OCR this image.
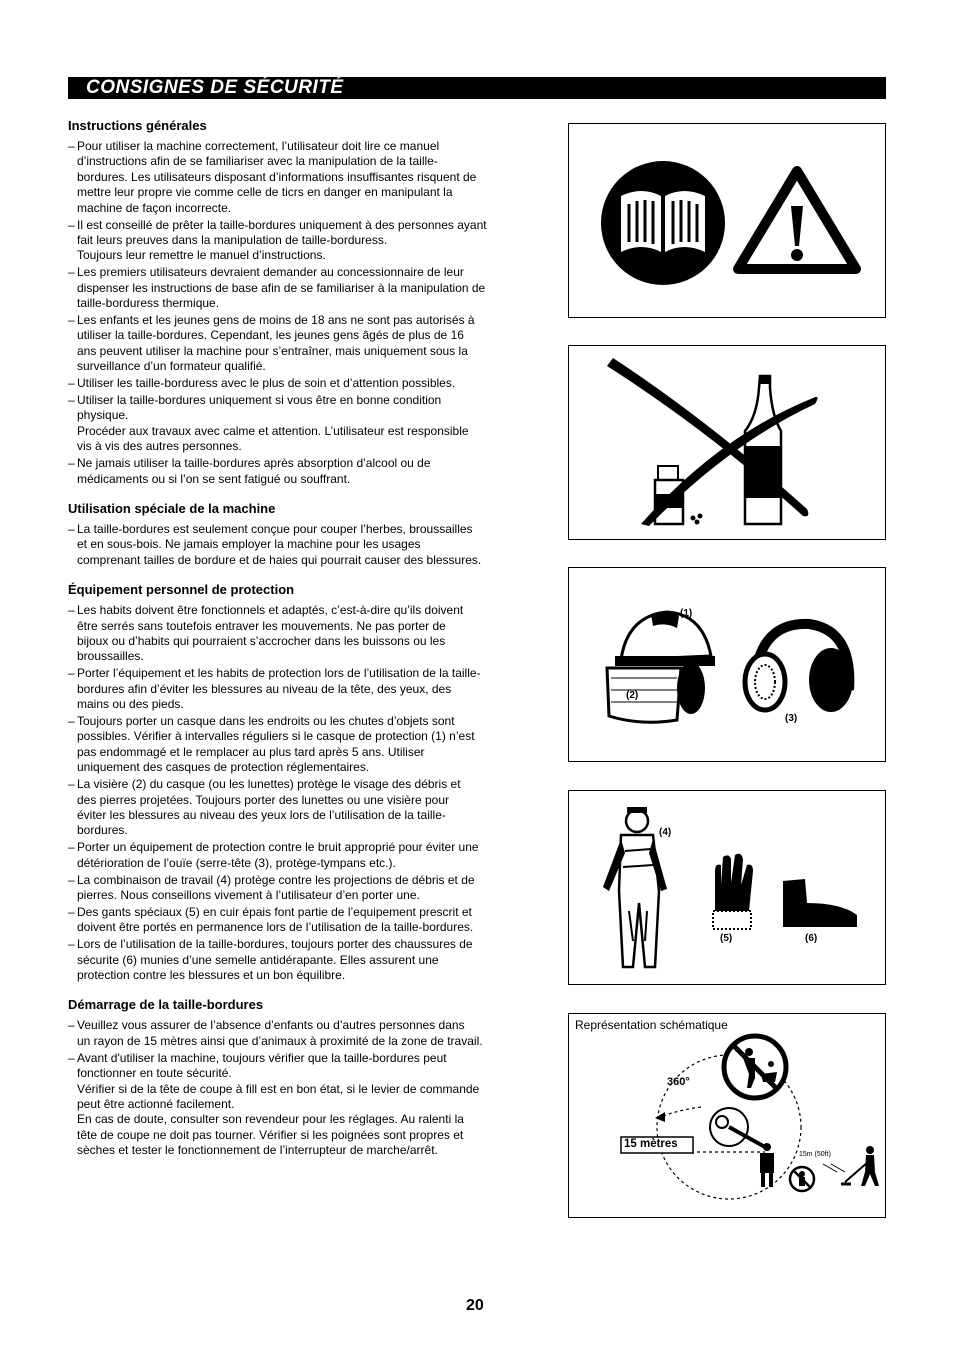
CONSIGNES DE SÉCURITÉ
Instructions générales
– Pour utiliser la machine correctement, l’utilisateur doit lire ce manuel
d’instructions afin de se familiariser avec la manipulation de la taille-
bordures. Les utilisateurs disposant d’informations insuffisantes risquent de
mettre leur propre vie comme celle de ticrs en danger en manipulant la
machine de façon incorrecte.
– Il est conseillé de prêter la taille-bordures uniquement à des personnes ayant
fait leurs preuves dans la manipulation de taille-borduress.
Toujours leur remettre le manuel d’instructions.
– Les premiers utilisateurs devraient demander au concessionnaire de leur
dispenser les instructions de base afin de se familiariser à la manipulation de
taille-borduress thermique.
– Les enfants et les jeunes gens de moins de 18 ans ne sont pas autorisés à
utiliser la taille-bordures. Cependant, les jeunes gens âgés de plus de 16
ans peuvent utiliser la machine pour s’entraîner, mais uniquement sous la
surveillance d’un formateur qualifié.
– Utiliser les taille-borduress avec le plus de soin et d’attention possibles.
– Utiliser la taille-bordures uniquement si vous être en bonne condition
physique.
Procéder aux travaux avec calme et attention. L’utilisateur est responsible
vis à vis des autres personnes.
– Ne jamais utiliser la taille-bordures après absorption d’alcool ou de
médicaments ou si l’on se sent fatigué ou souffrant.
Utilisation spéciale de la machine
– La taille-bordures est seulement conçue pour couper l’herbes, broussailles
et en sous-bois. Ne jamais employer la machine pour les usages
comprenant tailles de bordure et de haies qui pourrait causer des blessures.
Équipement personnel de protection
– Les habits doivent être fonctionnels et adaptés, c’est-à-dire qu’ils doivent
être serrés sans toutefois entraver les mouvements. Ne pas porter de
bijoux ou d’habits qui pourraient s’accrocher dans les buissons ou les
broussailles.
– Porter l’équipement et les habits de protection lors de l’utilisation de la taille-
bordures afin d’éviter les blessures au niveau de la tête, des yeux, des
mains ou des pieds.
– Toujours porter un casque dans les endroits ou les chutes d’objets sont
possibles. Vérifier à intervalles réguliers si le casque de protection (1) n’est
pas endommagé et le remplacer au plus tard après 5 ans. Utiliser
uniquement des casques de protection réglementaires.
– La visière (2) du casque (ou les lunettes) protège le visage des débris et
des pierres projetées. Toujours porter des lunettes ou une visière pour
éviter les blessures au niveau des yeux lors de l’utilisation de la taille-
bordures.
– Porter un équipement de protection contre le bruit approprié pour éviter une
détérioration de l’ouïe (serre-tête (3), protège-tympans etc.).
– La combinaison de travail (4) protège contre les projections de débris et de
pierres. Nous conseillons vivement à l’utilisateur d’en porter une.
– Des gants spéciaux (5) en cuir épais font partie de l’equipement prescrit et
doivent être portés en permanence lors de l’utilisation de la taille-bordures.
– Lors de l’utilisation de la taille-bordures, toujours porter des chaussures de
sécurite (6) munies d’une semelle antidérapante. Elles assurent une
protection contre les blessures et un bon équilibre.
Démarrage de la taille-bordures
– Veuillez vous assurer de l’absence d’enfants ou d’autres personnes dans
un rayon de 15 mètres ainsi que d’animaux à proximité de la zone de travail.
– Avant d'utiliser la machine, toujours vérifier que la taille-bordures peut
fonctionner en toute sécurité.
Vérifier si de la tête de coupe à fill est en bon état, si le levier de commande
peut être actionné facilement.
En cas de doute, consulter son revendeur pour les réglages. Au ralenti la
tête de coupe ne doit pas tourner. Vérifier si les poignées sont propres et
sèches et tester le fonctionnement de l’interrupteur de marche/arrêt.
(1)
(2)
(3)
(4)
(5)	(6)
Représentation schématique
360°
15 mètres
15m (50ft)
20
